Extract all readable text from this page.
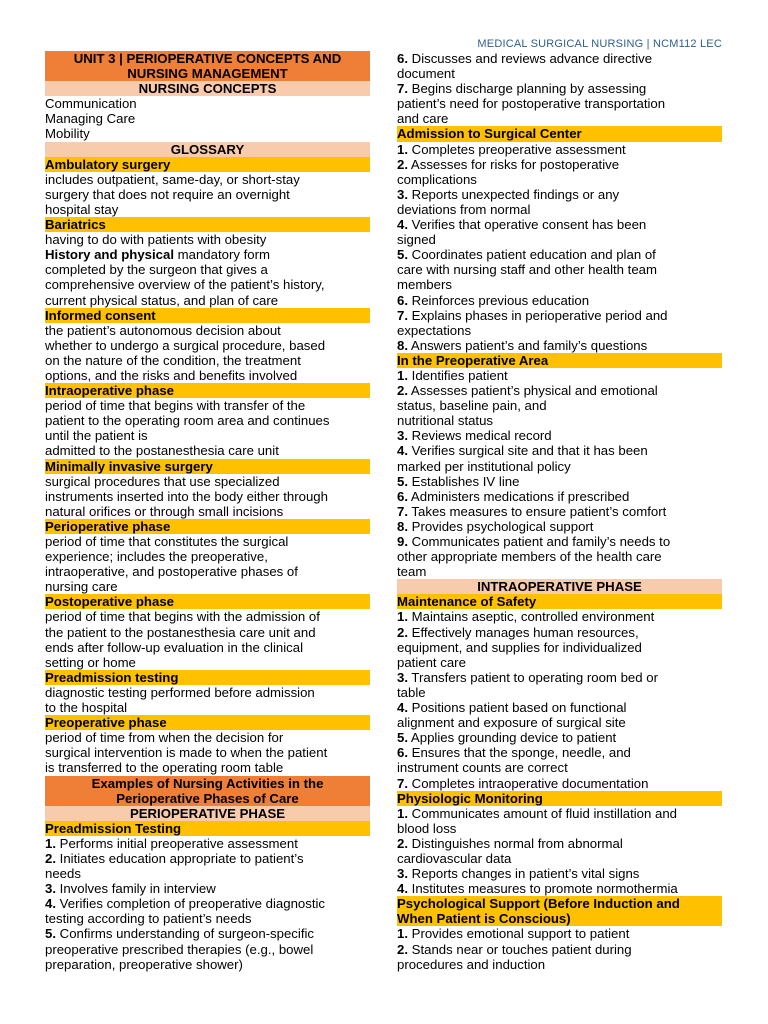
MEDICAL SURGICAL NURSING | NCM112 LEC
UNIT 3 | PERIOPERATIVE CONCEPTS AND
NURSING MANAGEMENT
NURSING CONCEPTS
Communication
Managing Care
Mobility
GLOSSARY
Ambulatory surgery
includes outpatient, same-day, or short-stay
surgery that does not require an overnight
hospital stay
Bariatrics
having to do with patients with obesity
History and physical mandatory form
completed by the surgeon that gives a
comprehensive overview of the patient’s history,
current physical status, and plan of care
Informed consent
the patient’s autonomous decision about
whether to undergo a surgical procedure, based
on the nature of the condition, the treatment
options, and the risks and benefits involved
Intraoperative phase
period of time that begins with transfer of the
patient to the operating room area and continues
until the patient is
admitted to the postanesthesia care unit
Minimally invasive surgery
surgical procedures that use specialized
instruments inserted into the body either through
natural orifices or through small incisions
Perioperative phase
period of time that constitutes the surgical
experience; includes the preoperative,
intraoperative, and postoperative phases of
nursing care
Postoperative phase
period of time that begins with the admission of
the patient to the postanesthesia care unit and
ends after follow-up evaluation in the clinical
setting or home
Preadmission testing
diagnostic testing performed before admission
to the hospital
Preoperative phase
period of time from when the decision for
surgical intervention is made to when the patient
is transferred to the operating room table
Examples of Nursing Activities in the
Perioperative Phases of Care
PERIOPERATIVE PHASE
Preadmission Testing
1. Performs initial preoperative assessment
2. Initiates education appropriate to patient’s
needs
3. Involves family in interview
4. Verifies completion of preoperative diagnostic
testing according to patient’s needs
5. Confirms understanding of surgeon-specific
preoperative prescribed therapies (e.g., bowel
preparation, preoperative shower)
6. Discusses and reviews advance directive
document
7. Begins discharge planning by assessing
patient’s need for postoperative transportation
and care
Admission to Surgical Center
1. Completes preoperative assessment
2. Assesses for risks for postoperative
complications
3. Reports unexpected findings or any
deviations from normal
4. Verifies that operative consent has been
signed
5. Coordinates patient education and plan of
care with nursing staff and other health team
members
6. Reinforces previous education
7. Explains phases in perioperative period and
expectations
8. Answers patient’s and family’s questions
In the Preoperative Area
1. Identifies patient
2. Assesses patient’s physical and emotional
status, baseline pain, and
nutritional status
3. Reviews medical record
4. Verifies surgical site and that it has been
marked per institutional policy
5. Establishes IV line
6. Administers medications if prescribed
7. Takes measures to ensure patient’s comfort
8. Provides psychological support
9. Communicates patient and family’s needs to
other appropriate members of the health care
team
INTRAOPERATIVE PHASE
Maintenance of Safety
1. Maintains aseptic, controlled environment
2. Effectively manages human resources,
equipment, and supplies for individualized
patient care
3. Transfers patient to operating room bed or
table
4. Positions patient based on functional
alignment and exposure of surgical site
5. Applies grounding device to patient
6. Ensures that the sponge, needle, and
instrument counts are correct
7. Completes intraoperative documentation
Physiologic Monitoring
1. Communicates amount of fluid instillation and
blood loss
2. Distinguishes normal from abnormal
cardiovascular data
3. Reports changes in patient’s vital signs
4. Institutes measures to promote normothermia
Psychological Support (Before Induction and
When Patient is Conscious)
1. Provides emotional support to patient
2. Stands near or touches patient during
procedures and induction
